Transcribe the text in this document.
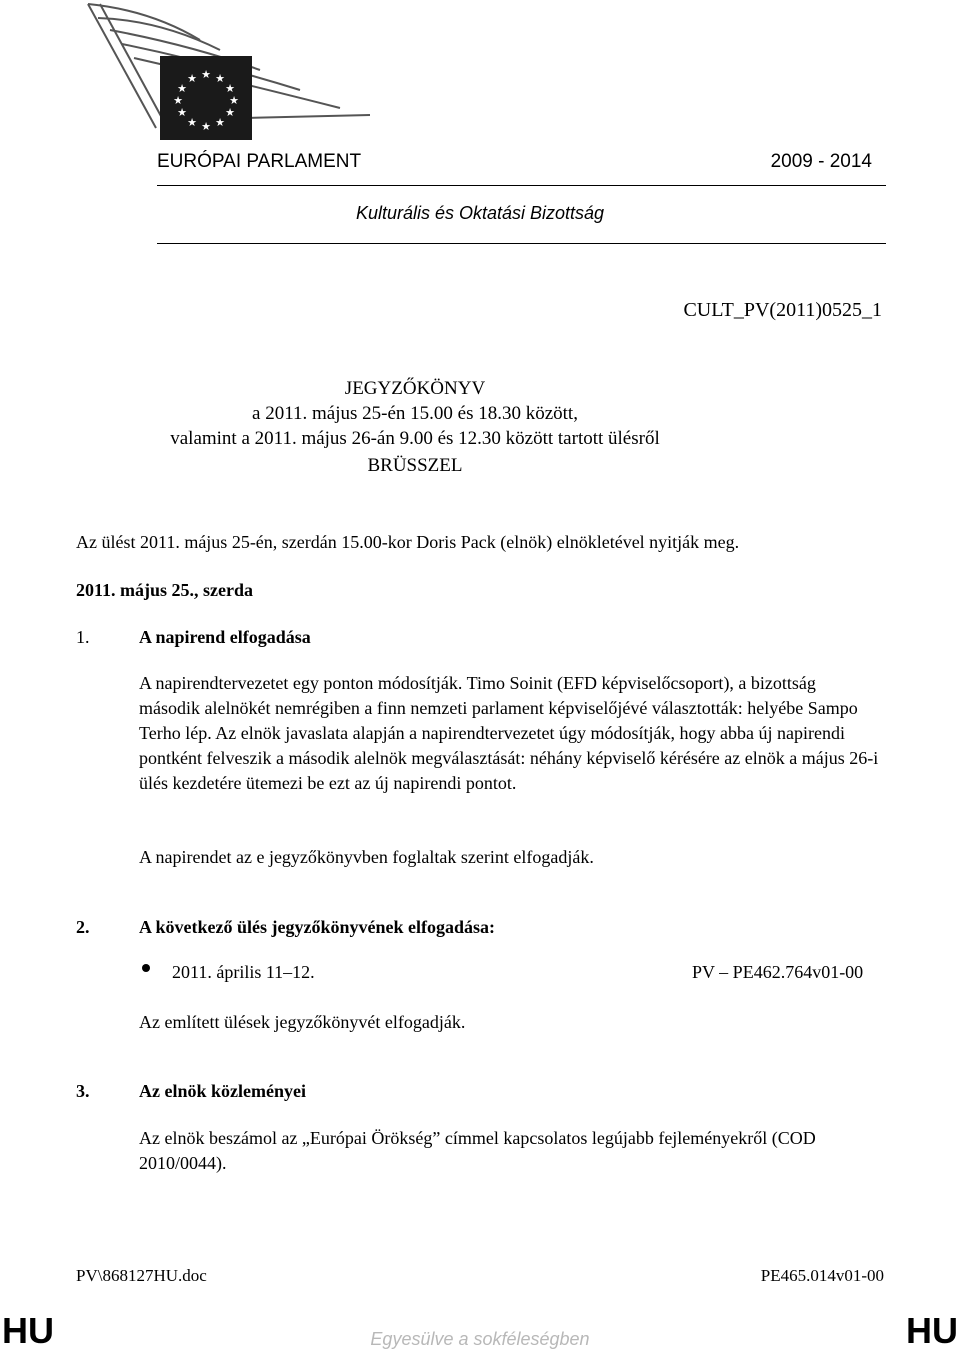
★ ★
★
★
★
★
★
★
★
★
★
★
EURÓPAI PARLAMENT	2009 - 2014
Kulturális és Oktatási Bizottság
CULT_PV(2011)0525_1
JEGYZŐKÖNYV
a 2011. május 25-én 15.00 és 18.30 között,
valamint a 2011. május 26-án 9.00 és 12.30 között tartott ülésről
BRÜSSZEL
Az ülést 2011. május 25-én, szerdán 15.00-kor Doris Pack (elnök) elnökletével nyitják meg.
2011. május 25., szerda
1.	A napirend elfogadása
A napirendtervezetet egy ponton módosítják. Timo Soinit (EFD képviselőcsoport), a bizottság második alelnökét nemrégiben a finn nemzeti parlament képviselőjévé választották: helyébe Sampo Terho lép. Az elnök javaslata alapján a napirendtervezetet úgy módosítják, hogy abba új napirendi pontként felveszik a második alelnök megválasztását: néhány képviselő kérésére az elnök a május 26-i ülés kezdetére ütemezi be ezt az új napirendi pontot.
A napirendet az e jegyzőkönyvben foglaltak szerint elfogadják.
2.	A következő ülés jegyzőkönyvének elfogadása:
2011. április 11–12.	PV – PE462.764v01-00
Az említett ülések jegyzőkönyvét elfogadják.
3.	Az elnök közleményei
Az elnök beszámol az „Európai Örökség” címmel kapcsolatos legújabb fejleményekről (COD 2010/0044).
PV\868127HU.doc	PE465.014v01-00
HU	HU
Egyesülve a sokféleségben
